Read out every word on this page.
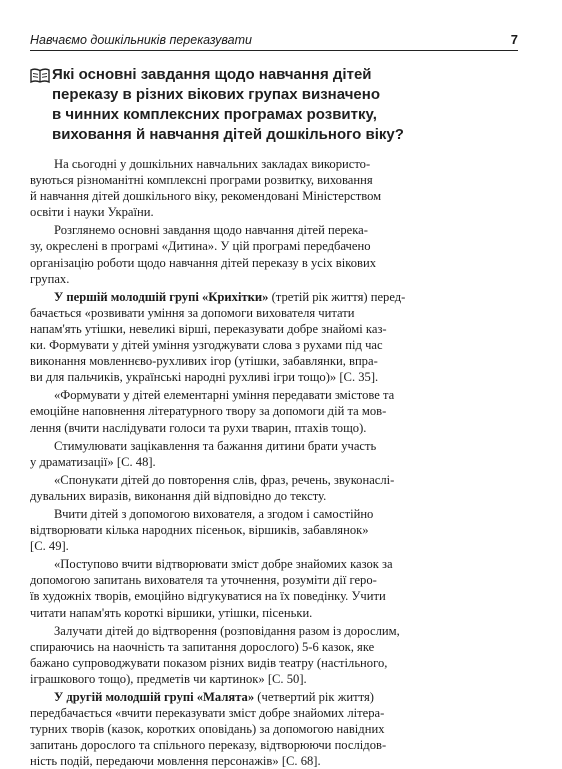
Навчаємо дошкільників переказувати	7
Які основні завдання щодо навчання дітей
переказу в різних вікових групах визначено
в чинних комплексних програмах розвитку,
виховання й навчання дітей дошкільного віку?
На сьогодні у дошкільних навчальних закладах використо-
вуються різноманітні комплексні програми розвитку, виховання
й навчання дітей дошкільного віку, рекомендовані Міністерством
освіти і науки України.
Розглянемо основні завдання щодо навчання дітей перека-
зу, окреслені в програмі «Дитина». У цій програмі передбачено
організацію роботи щодо навчання дітей переказу в усіх вікових
групах.
У першій молодшій групі «Крихітки» (третій рік життя) перед-
бачається «розвивати уміння за допомоги вихователя читати
напам'ять утішки, невеликі вірші, переказувати добре знайомі каз-
ки. Формувати у дітей уміння узгоджувати слова з рухами під час
виконання мовленнєво-рухливих ігор (утішки, забавлянки, впра-
ви для пальчиків, українські народні рухливі ігри тощо)» [С. 35].
«Формувати у дітей елементарні уміння передавати змістове та
емоційне наповнення літературного твору за допомоги дій та мов-
лення (вчити наслідувати голоси та рухи тварин, птахів тощо).
Стимулювати зацікавлення та бажання дитини брати участь
у драматизації» [С. 48].
«Спонукати дітей до повторення слів, фраз, речень, звуконаслі-
дувальних виразів, виконання дій відповідно до тексту.
Вчити дітей з допомогою вихователя, а згодом і самостійно
відтворювати кілька народних пісеньок, віршиків, забавлянок»
[С. 49].
«Поступово вчити відтворювати зміст добре знайомих казок за
допомогою запитань вихователя та уточнення, розуміти дії геро-
їв художніх творів, емоційно відгукуватися на їх поведінку. Учити
читати напам'ять короткі віршики, утішки, пісеньки.
Залучати дітей до відтворення (розповідання разом із дорослим,
спираючись на наочність та запитання дорослого) 5-6 казок, яке
бажано супроводжувати показом різних видів театру (настільного,
іграшкового тощо), предметів чи картинок» [С. 50].
У другій молодшій групі «Малята» (четвертий рік життя)
передбачається «вчити переказувати зміст добре знайомих літера-
турних творів (казок, коротких оповідань) за допомогою навідних
запитань дорослого та спільного переказу, відтворюючи послідов-
ність подій, передаючи мовлення персонажів» [С. 68].
